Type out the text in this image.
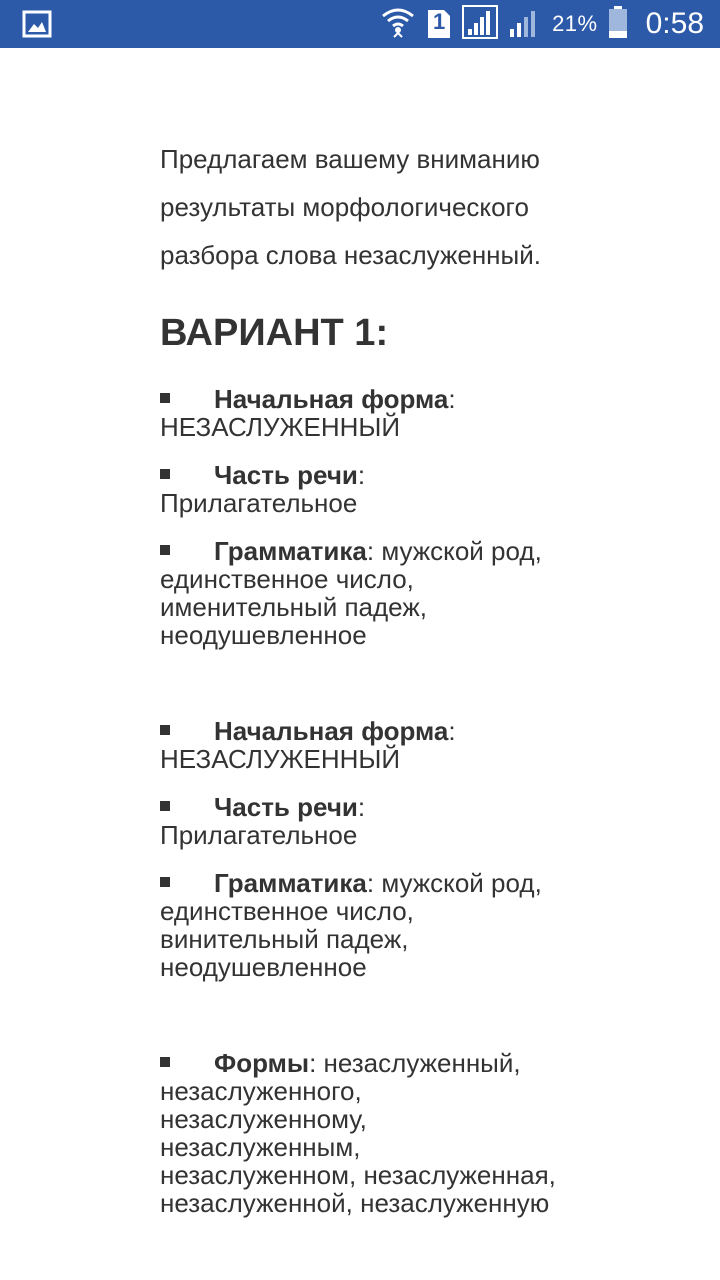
1	21% 0:58

Предлагаем вашему вниманию результаты морфологического разбора слова незаслуженный.

ВАРИАНТ 1:
Начальная форма: НЕЗАСЛУЖЕННЫЙ
Часть речи: Прилагательное
Грамматика: мужской род, единственное число, именительный падеж, неодушевленное
Начальная форма: НЕЗАСЛУЖЕННЫЙ
Часть речи: Прилагательное
Грамматика: мужской род, единственное число, винительный падеж, неодушевленное
Формы: незаслуженный, незаслуженного, незаслуженному, незаслуженным, незаслуженном, незаслуженная, незаслуженной, незаслуженную
